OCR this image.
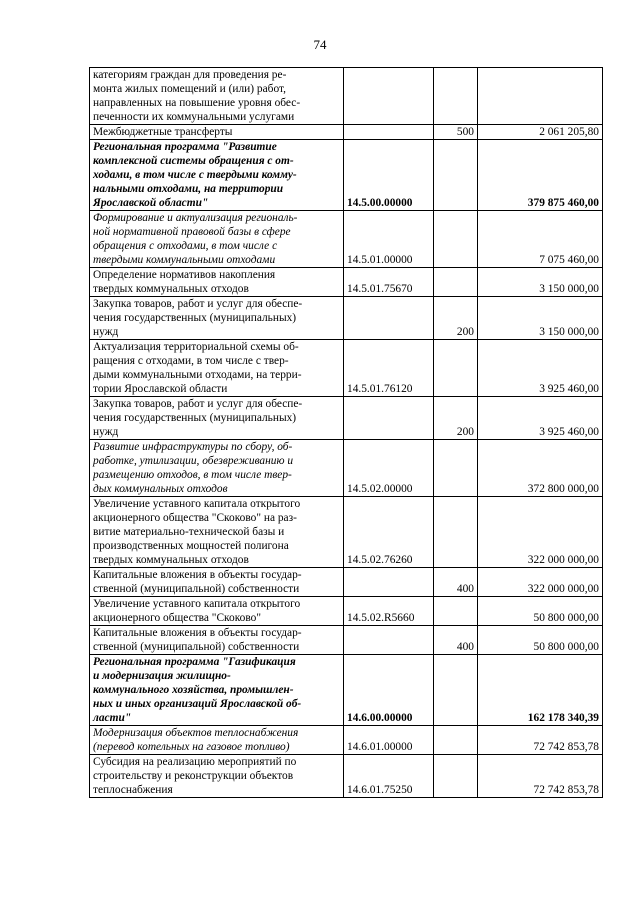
74
категориям граждан для проведения ре-
монта жилых помещений и (или) работ,
направленных на повышение уровня обес-
печенности их коммунальными услугами			

Межбюджетные трансферты		500	2 061 205,80

Региональная программа "Развитие
комплексной системы обращения с от-
ходами, в том числе с твердыми комму-
нальными отходами, на территории
Ярославской области"	14.5.00.00000		379 875 460,00

Формирование и актуализация региональ-
ной нормативной правовой базы в сфере
обращения с отходами, в том числе с
твердыми коммунальными отходами	14.5.01.00000		7 075 460,00

Определение нормативов накопления
твердых коммунальных отходов	14.5.01.75670		3 150 000,00

Закупка товаров, работ и услуг для обеспе-
чения государственных (муниципальных)
нужд		200	3 150 000,00

Актуализация территориальной схемы об-
ращения с отходами, в том числе с твер-
дыми коммунальными отходами, на терри-
тории Ярославской области	14.5.01.76120		3 925 460,00

Закупка товаров, работ и услуг для обеспе-
чения государственных (муниципальных)
нужд		200	3 925 460,00

Развитие инфраструктуры по сбору, об-
работке, утилизации, обезвреживанию и
размещению отходов, в том числе твер-
дых коммунальных отходов	14.5.02.00000		372 800 000,00

Увеличение уставного капитала открытого
акционерного общества "Скоково" на раз-
витие материально-технической базы и
производственных мощностей полигона
твердых коммунальных отходов	14.5.02.76260		322 000 000,00

Капитальные вложения в объекты государ-
ственной (муниципальной) собственности		400	322 000 000,00

Увеличение уставного капитала открытого
акционерного общества "Скоково"	14.5.02.R5660		50 800 000,00

Капитальные вложения в объекты государ-
ственной (муниципальной) собственности		400	50 800 000,00

Региональная программа "Газификация
и модернизация жилищно-
коммунального хозяйства, промышлен-
ных и иных организаций Ярославской об-
ласти"	14.6.00.00000		162 178 340,39

Модернизация объектов теплоснабжения
(перевод котельных на газовое топливо)	14.6.01.00000		72 742 853,78

Субсидия на реализацию мероприятий по
строительству и реконструкции объектов
теплоснабжения	14.6.01.75250		72 742 853,78
